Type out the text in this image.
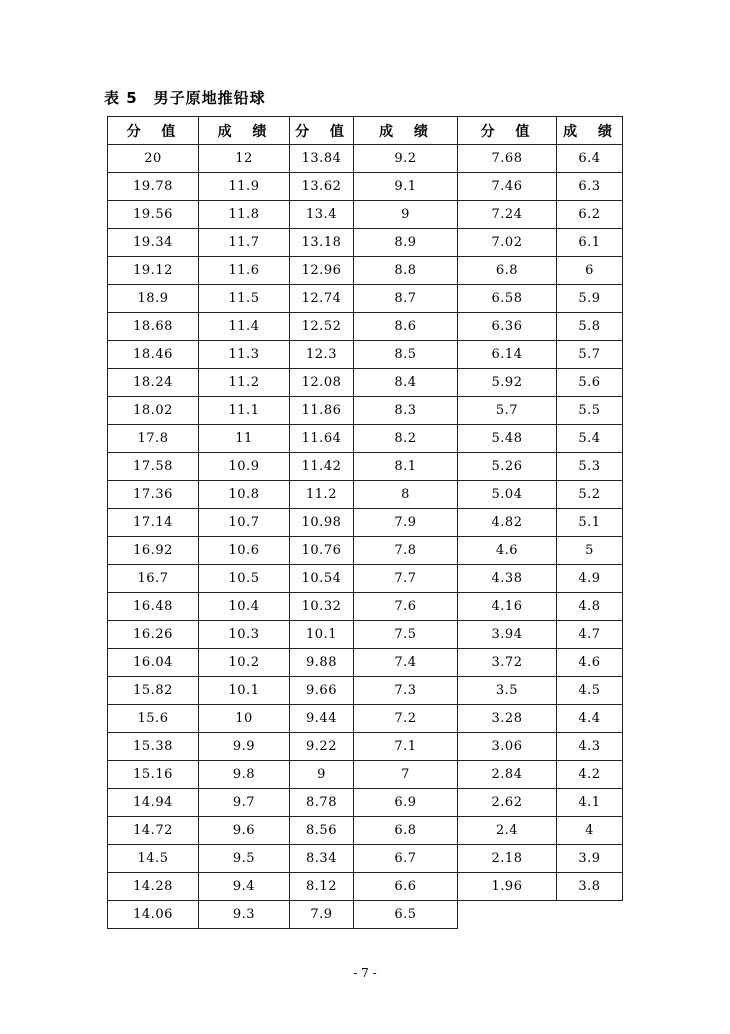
表 5　男子原地推铅球
分 值	成 绩	分 值	成 绩	分 值	成 绩
20	12	13.84	9.2	7.68	6.4
19.78	11.9	13.62	9.1	7.46	6.3
19.56	11.8	13.4	9	7.24	6.2
19.34	11.7	13.18	8.9	7.02	6.1
19.12	11.6	12.96	8.8	6.8	6
18.9	11.5	12.74	8.7	6.58	5.9
18.68	11.4	12.52	8.6	6.36	5.8
18.46	11.3	12.3	8.5	6.14	5.7
18.24	11.2	12.08	8.4	5.92	5.6
18.02	11.1	11.86	8.3	5.7	5.5
17.8	11	11.64	8.2	5.48	5.4
17.58	10.9	11.42	8.1	5.26	5.3
17.36	10.8	11.2	8	5.04	5.2
17.14	10.7	10.98	7.9	4.82	5.1
16.92	10.6	10.76	7.8	4.6	5
16.7	10.5	10.54	7.7	4.38	4.9
16.48	10.4	10.32	7.6	4.16	4.8
16.26	10.3	10.1	7.5	3.94	4.7
16.04	10.2	9.88	7.4	3.72	4.6
15.82	10.1	9.66	7.3	3.5	4.5
15.6	10	9.44	7.2	3.28	4.4
15.38	9.9	9.22	7.1	3.06	4.3
15.16	9.8	9	7	2.84	4.2
14.94	9.7	8.78	6.9	2.62	4.1
14.72	9.6	8.56	6.8	2.4	4
14.5	9.5	8.34	6.7	2.18	3.9
14.28	9.4	8.12	6.6	1.96	3.8
14.06	9.3	7.9	6.5		
- 7 -
